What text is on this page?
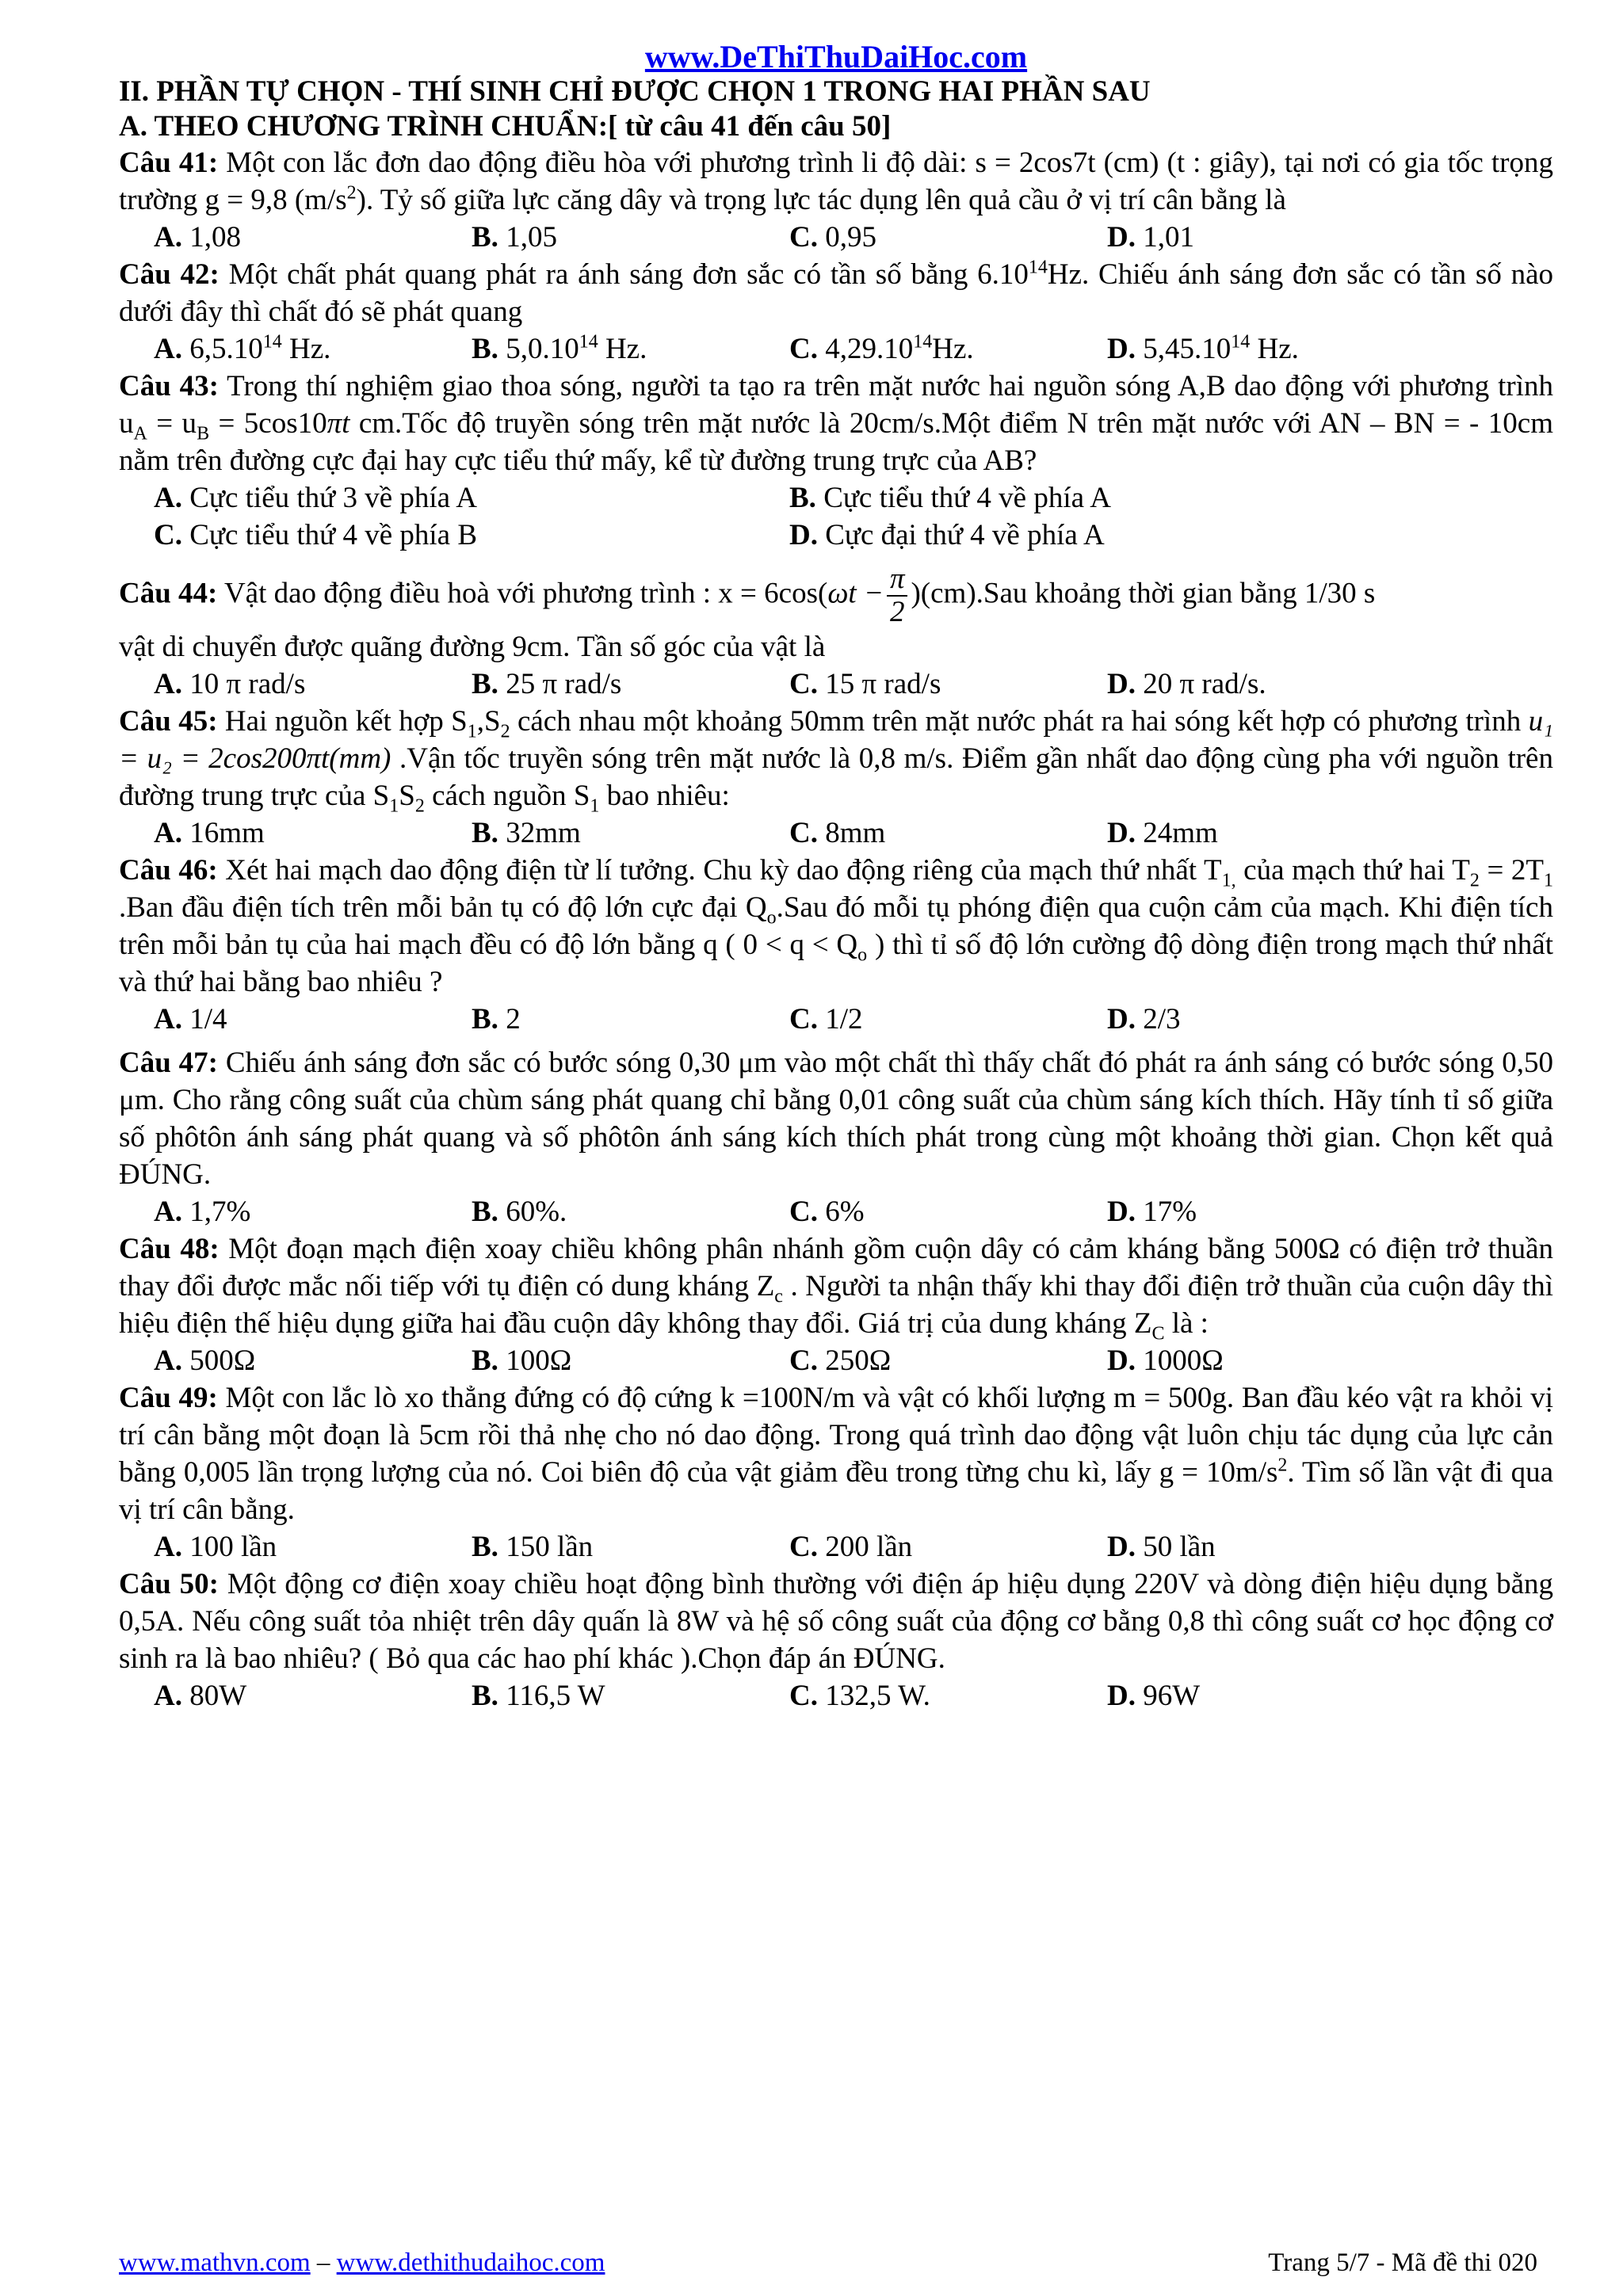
www.DeThiThuDaiHoc.com
II. PHẦN TỰ CHỌN - THÍ SINH CHỈ ĐƯỢC CHỌN 1 TRONG HAI PHẦN SAU
A. THEO CHƯƠNG TRÌNH CHUẨN:[ từ câu 41 đến câu 50]
Câu 41: Một con lắc đơn dao động điều hòa với phương trình li độ dài: s = 2cos7t (cm) (t : giây), tại nơi có gia tốc trọng trường g = 9,8 $(m/s^2)$. Tỷ số giữa lực căng dây và trọng lực tác dụng lên quả cầu ở vị trí cân bằng là
A. 1,08	B. 1,05	C. 0,95	D. 1,01
Câu 42: Một chất phát quang phát ra ánh sáng đơn sắc có tần số bằng 6.10$^{14}$Hz. Chiếu ánh sáng đơn sắc có tần số nào dưới đây thì chất đó sẽ phát quang
A. 6,5.10$^{14}$ Hz.	B. 5,0.10$^{14}$ Hz.	C. 4,29.10$^{14}$Hz.	D. 5,45.10$^{14}$ Hz.
Câu 43: Trong thí nghiệm giao thoa sóng, người ta tạo ra trên mặt nước hai nguồn sóng A,B dao động với phương trình $u_A = u_B = 5\cos 10\pi t$ cm.Tốc độ truyền sóng trên mặt nước là 20cm/s.Một điểm N trên mặt nước với AN – BN = - 10cm nằm trên đường cực đại hay cực tiểu thứ mấy, kể từ đường trung trực của AB?
A. Cực tiểu thứ 3 về phía A	B. Cực tiểu thứ 4 về phía A
C. Cực tiểu thứ 4 về phía B	D. Cực đại thứ 4 về phía A
Câu 44: Vật dao động điều hoà với phương trình : $x = 6\cos(\omega t - \frac{\pi}{2} )(cm).Sau$ khoảng thời gian bằng 1/30 s
vật di chuyển được quãng đường 9cm. Tần số góc của vật là
A. 10 π rad/s	B. 25 π rad/s	C. 15 π rad/s	D. 20 π rad/s.
Câu 45: Hai nguồn kết hợp $S_1,S_2$ cách nhau một khoảng 50mm trên mặt nước phát ra hai sóng kết hợp có phương trình u₁ = u₂ = 2cos200πt(mm) .Vận tốc truyền sóng trên mặt nước là 0,8 m/s. Điểm gần nhất dao động cùng pha với nguồn trên đường trung trực của $S_1S_2$ cách nguồn $S_1$ bao nhiêu:
A. 16mm	B. 32mm	C. 8mm	D. 24mm
Câu 46: Xét hai mạch dao động điện từ lí tưởng. Chu kỳ dao động riêng của mạch thứ nhất $T_{1,}$ của mạch thứ hai $T_2 = 2T_1$ .Ban đầu điện tích trên mỗi bản tụ có độ lớn cực đại $Q_o.Sau$ đó mỗi tụ phóng điện qua cuộn cảm của mạch. Khi điện tích trên mỗi bản tụ của hai mạch đều có độ lớn bằng q ( $0 < q < Q_o$ ) thì tỉ số độ lớn cường độ dòng điện trong mạch thứ nhất và thứ hai bằng bao nhiêu ?
A. 1/4	B. 2	C. 1/2	D. 2/3
Câu 47: Chiếu ánh sáng đơn sắc có bước sóng 0,30 μm vào một chất thì thấy chất đó phát ra ánh sáng có bước sóng 0,50 μm. Cho rằng công suất của chùm sáng phát quang chỉ bằng 0,01 công suất của chùm sáng kích thích. Hãy tính tỉ số giữa số phôtôn ánh sáng phát quang và số phôtôn ánh sáng kích thích phát trong cùng một khoảng thời gian. Chọn kết quả ĐÚNG.
A. 1,7%	B. 60%.	C. 6%	D. 17%
Câu 48: Một đoạn mạch điện xoay chiều không phân nhánh gồm cuộn dây có cảm kháng bằng 500Ω có điện trở thuần thay đổi được mắc nối tiếp với tụ điện có dung kháng $Z_c$ . Người ta nhận thấy khi thay đổi điện trở thuần của cuộn dây thì hiệu điện thế hiệu dụng giữa hai đầu cuộn dây không thay đổi. Giá trị của dung kháng $Z_C$ là :
A. 500Ω	B. 100Ω	C. 250Ω	D. 1000Ω
Câu 49: Một con lắc lò xo thẳng đứng có độ cứng k =100N/m và vật có khối lượng m = 500g. Ban đầu kéo vật ra khỏi vị trí cân bằng một đoạn là 5cm rồi thả nhẹ cho nó dao động. Trong quá trình dao động vật luôn chịu tác dụng của lực cản bằng 0,005 lần trọng lượng của nó. Coi biên độ của vật giảm đều trong từng chu kì, lấy $g = 10m/s^2$. Tìm số lần vật đi qua vị trí cân bằng.
A. 100 lần	B. 150 lần	C. 200 lần	D. 50 lần
Câu 50: Một động cơ điện xoay chiều hoạt động bình thường với điện áp hiệu dụng 220V và dòng điện hiệu dụng bằng 0,5A. Nếu công suất tỏa nhiệt trên dây quấn là 8W và hệ số công suất của động cơ bằng 0,8 thì công suất cơ học động cơ sinh ra là bao nhiêu? ( Bỏ qua các hao phí khác ).Chọn đáp án ĐÚNG.
A. 80W	B. 116,5 W	C. 132,5 W.	D. 96W
www.mathvn.com – www.dethithudaihoc.com	Trang 5/7 - Mã đề thi 020
